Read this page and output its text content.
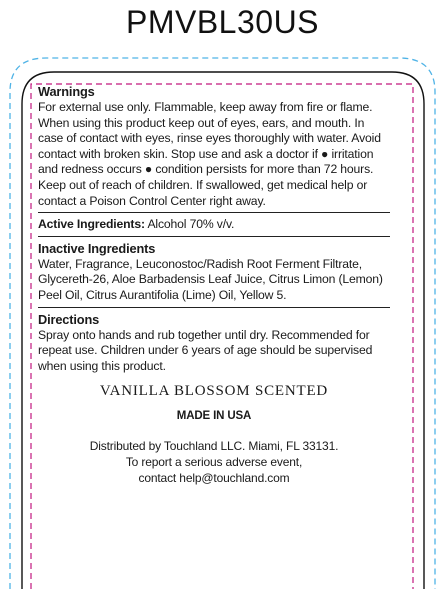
PMVBL30US
Warnings

For external use only. Flammable, keep away from fire or flame. When using this product keep out of eyes, ears, and mouth. In case of contact with eyes, rinse eyes thoroughly with water. Avoid contact with broken skin. Stop use and ask a doctor if ● irritation and redness occurs ● condition persists for more than 72 hours. Keep out of reach of children. If swallowed, get medical help or contact a Poison Control Center right away.

Active Ingredients: Alcohol 70% v/v.

Inactive Ingredients

Water, Fragrance, Leuconostoc/Radish Root Ferment Filtrate, Glycereth-26, Aloe Barbadensis Leaf Juice, Citrus Limon (Lemon) Peel Oil, Citrus Aurantifolia (Lime) Oil, Yellow 5.

Directions

Spray onto hands and rub together until dry. Recommended for repeat use. Children under 6 years of age should be supervised when using this product.

VANILLA BLOSSOM SCENTED
MADE IN USA
Distributed by Touchland LLC. Miami, FL 33131.
To report a serious adverse event,
contact help@touchland.com
